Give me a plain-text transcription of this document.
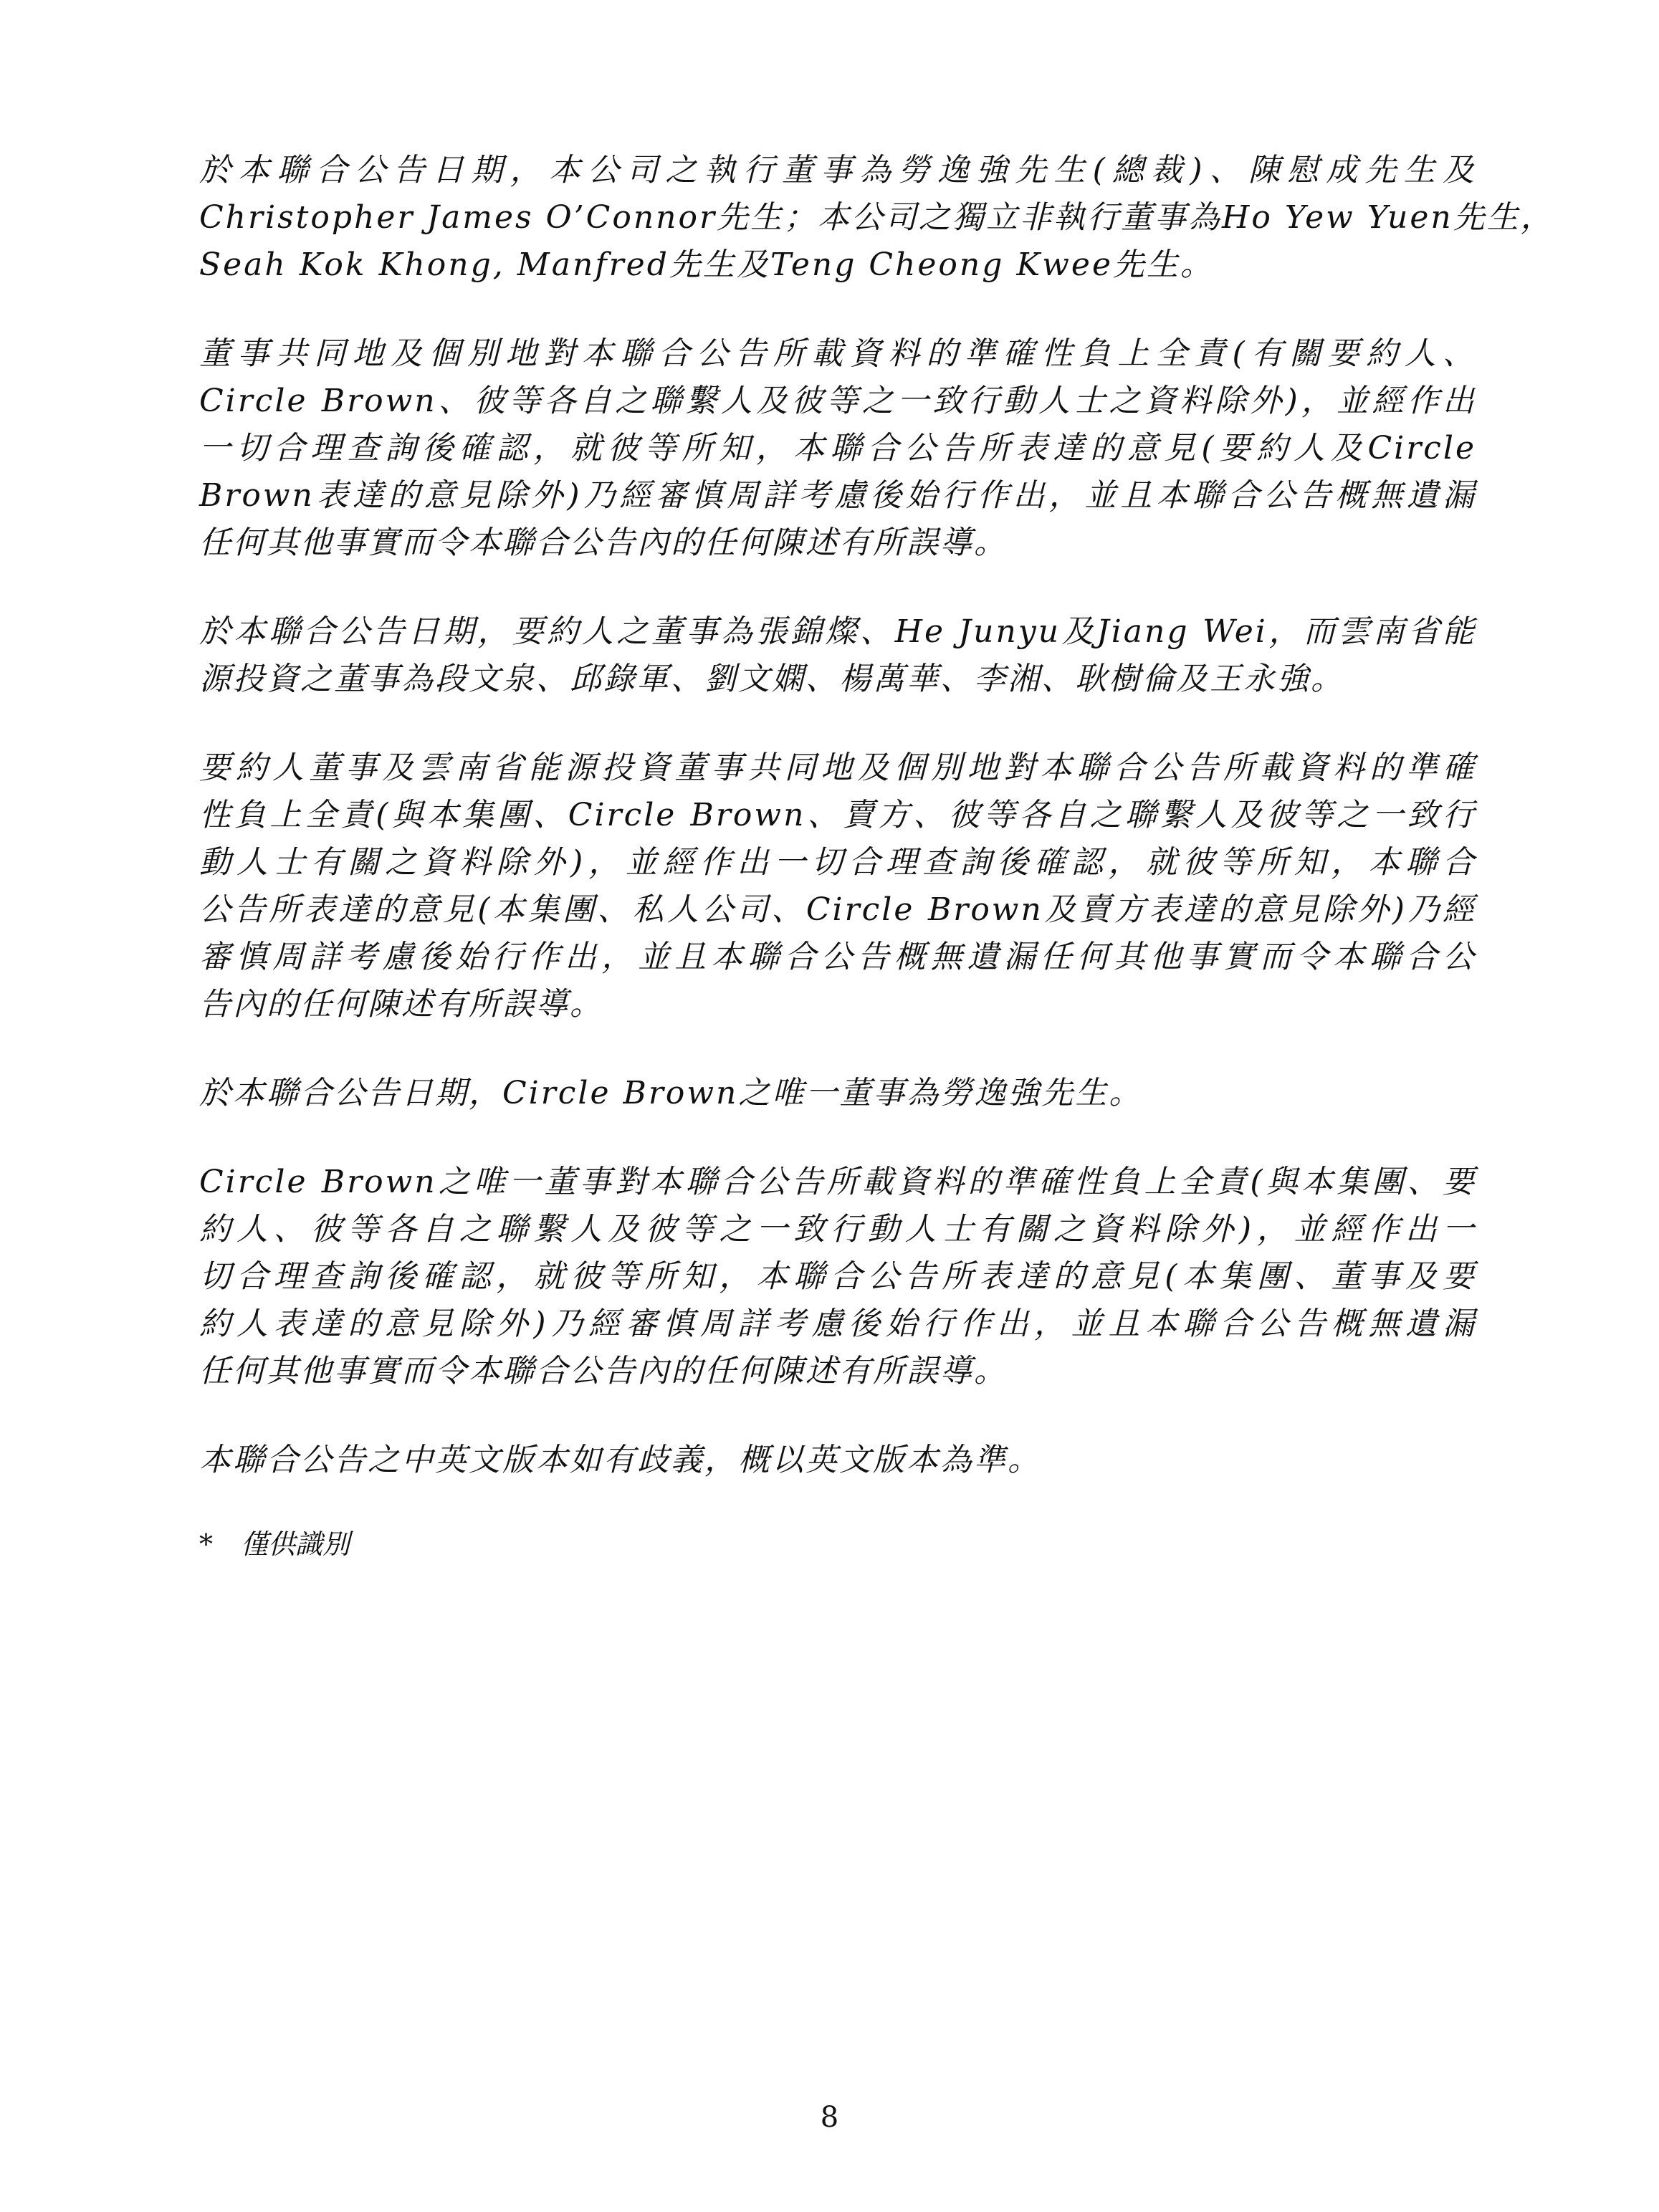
於本聯合公告日期，本公司之執行董事為勞逸強先生(總裁)、陳慰成先生及
Christopher James O’Connor先生；本公司之獨立非執行董事為Ho Yew Yuen先生，
Seah Kok Khong, Manfred先生及Teng Cheong Kwee先生。

董事共同地及個別地對本聯合公告所載資料的準確性負上全責(有關要約人、
Circle Brown、彼等各自之聯繫人及彼等之一致行動人士之資料除外)，並經作出
一切合理查詢後確認，就彼等所知，本聯合公告所表達的意見(要約人及Circle
Brown表達的意見除外)乃經審慎周詳考慮後始行作出，並且本聯合公告概無遺漏
任何其他事實而令本聯合公告內的任何陳述有所誤導。

於本聯合公告日期，要約人之董事為張錦燦、He Junyu及Jiang Wei，而雲南省能
源投資之董事為段文泉、邱錄軍、劉文嫻、楊萬華、李湘、耿樹倫及王永強。

要約人董事及雲南省能源投資董事共同地及個別地對本聯合公告所載資料的準確
性負上全責(與本集團、Circle Brown、賣方、彼等各自之聯繫人及彼等之一致行
動人士有關之資料除外)，並經作出一切合理查詢後確認，就彼等所知，本聯合
公告所表達的意見(本集團、私人公司、Circle Brown及賣方表達的意見除外)乃經
審慎周詳考慮後始行作出，並且本聯合公告概無遺漏任何其他事實而令本聯合公
告內的任何陳述有所誤導。

於本聯合公告日期，Circle Brown之唯一董事為勞逸強先生。

Circle Brown之唯一董事對本聯合公告所載資料的準確性負上全責(與本集團、要
約人、彼等各自之聯繫人及彼等之一致行動人士有關之資料除外)，並經作出一
切合理查詢後確認，就彼等所知，本聯合公告所表達的意見(本集團、董事及要
約人表達的意見除外)乃經審慎周詳考慮後始行作出，並且本聯合公告概無遺漏
任何其他事實而令本聯合公告內的任何陳述有所誤導。

本聯合公告之中英文版本如有歧義，概以英文版本為準。

* 僅供識別
8
